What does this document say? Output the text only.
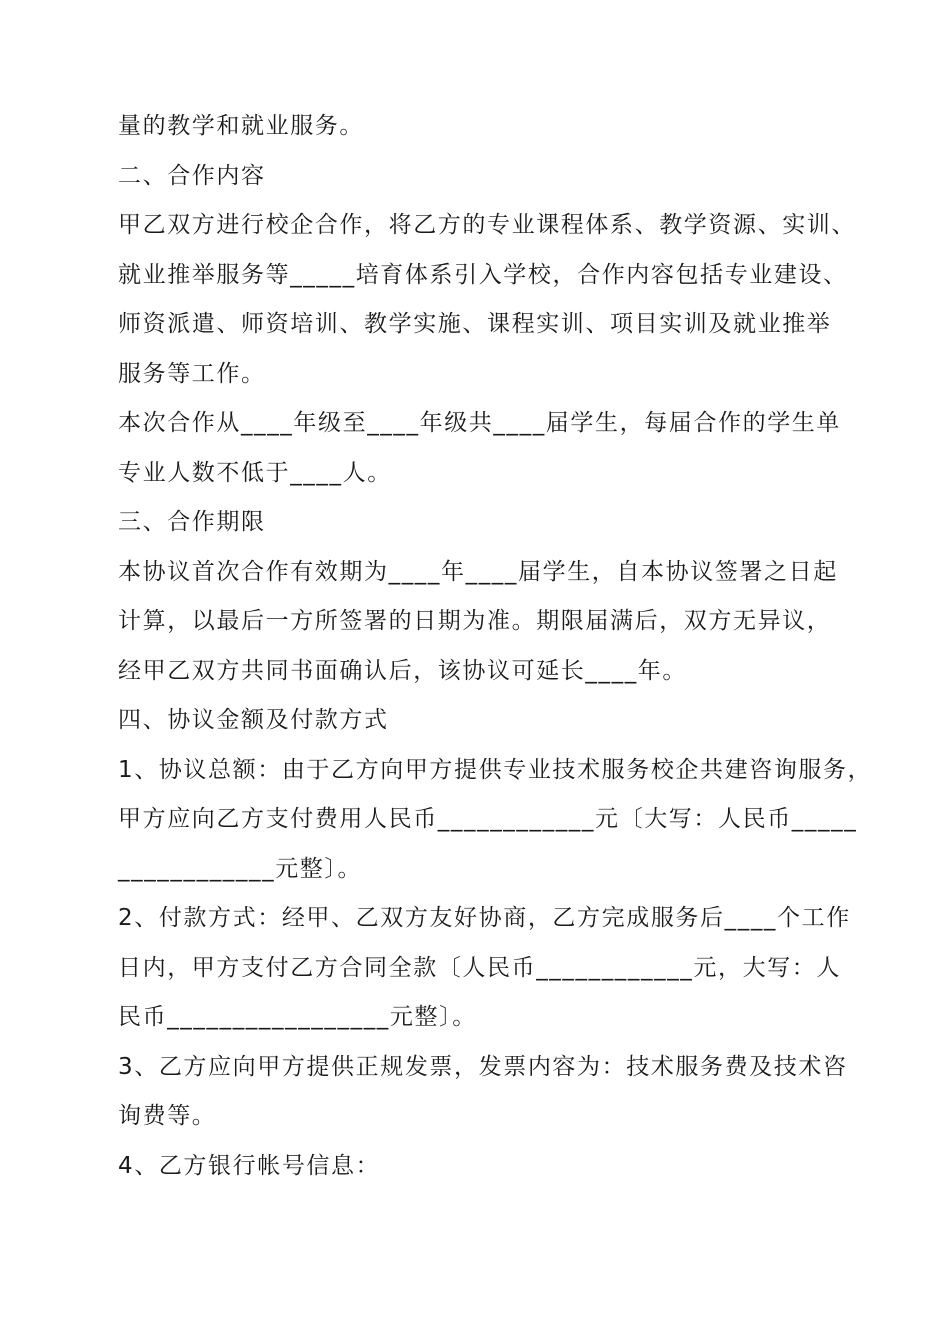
量的教学和就业服务。
二、合作内容
甲乙双方进行校企合作，将乙方的专业课程体系、教学资源、实训、
就业推举服务等_____培育体系引入学校，合作内容包括专业建设、
师资派遣、师资培训、教学实施、课程实训、项目实训及就业推举
服务等工作。
本次合作从____年级至____年级共____届学生，每届合作的学生单
专业人数不低于____人。
三、合作期限
本协议首次合作有效期为____年____届学生，自本协议签署之日起
计算，以最后一方所签署的日期为准。期限届满后，双方无异议，
经甲乙双方共同书面确认后，该协议可延长____年。
四、协议金额及付款方式
1、协议总额：由于乙方向甲方提供专业技术服务校企共建咨询服务，
甲方应向乙方支付费用人民币____________元〔大写：人民币_____
____________元整〕。
2、付款方式：经甲、乙双方友好协商，乙方完成服务后____个工作
日内，甲方支付乙方合同全款〔人民币____________元，大写：人
民币_________________元整〕。
3、乙方应向甲方提供正规发票，发票内容为：技术服务费及技术咨
询费等。
4、乙方银行帐号信息：
